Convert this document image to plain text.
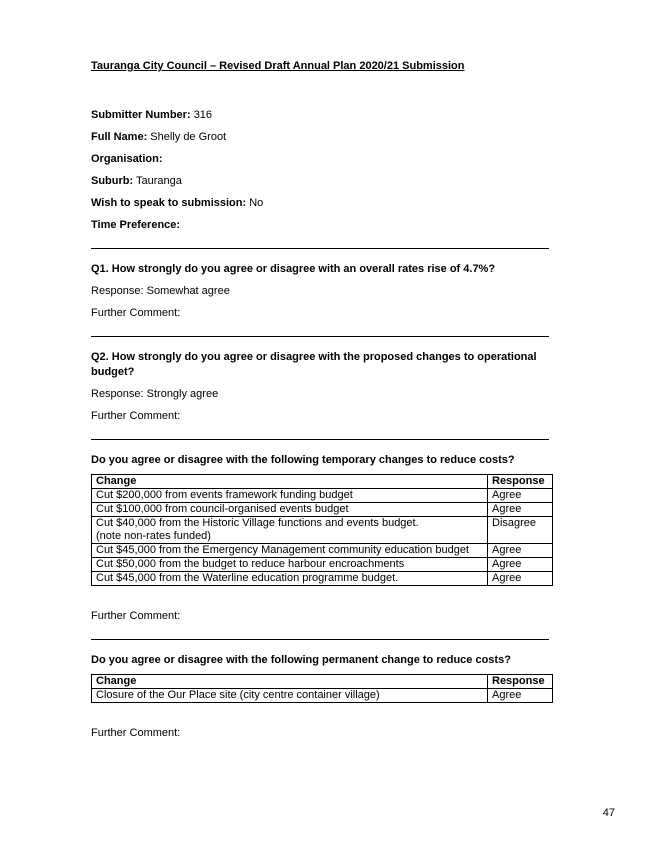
Tauranga City Council – Revised Draft Annual Plan 2020/21 Submission

Submitter Number: 316

Full Name: Shelly de Groot

Organisation:

Suburb: Tauranga

Wish to speak to submission: No

Time Preference:

Q1. How strongly do you agree or disagree with an overall rates rise of 4.7%?

Response: Somewhat agree

Further Comment:

Q2. How strongly do you agree or disagree with the proposed changes to operational budget?

Response: Strongly agree

Further Comment:

Do you agree or disagree with the following temporary changes to reduce costs?

Change	Response
Cut $200,000 from events framework funding budget	Agree
Cut $100,000 from council-organised events budget	Agree
Cut $40,000 from the Historic Village functions and events budget.
(note non-rates funded)	Disagree
Cut $45,000 from the Emergency Management community education budget	Agree
Cut $50,000 from the budget to reduce harbour encroachments	Agree
Cut $45,000 from the Waterline education programme budget.	Agree

Further Comment:

Do you agree or disagree with the following permanent change to reduce costs?

Change	Response
Closure of the Our Place site (city centre container village)	Agree

Further Comment:

47
